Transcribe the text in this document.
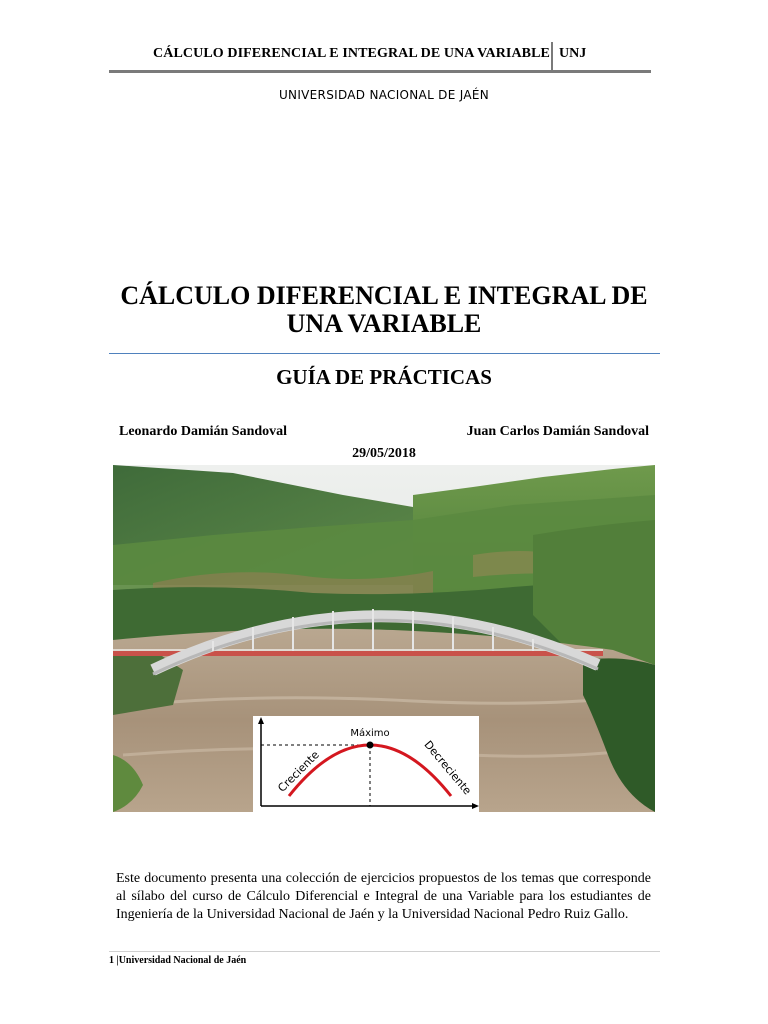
CÁLCULO DIFERENCIAL E INTEGRAL DE UNA VARIABLE UNJ
UNIVERSIDAD NACIONAL DE JAÉN
CÁLCULO DIFERENCIAL E INTEGRAL DE
UNA VARIABLE
GUÍA DE PRÁCTICAS
Leonardo Damián Sandoval	Juan Carlos Damián Sandoval
29/05/2018
Máximo
Creciente	Decreciente
Este documento presenta una colección de ejercicios propuestos de los temas que corresponde al sílabo del curso de Cálculo Diferencial e Integral de una Variable para los estudiantes de Ingeniería de la Universidad Nacional de Jaén y la Universidad Nacional Pedro Ruiz Gallo.
1 |Universidad Nacional de Jaén
